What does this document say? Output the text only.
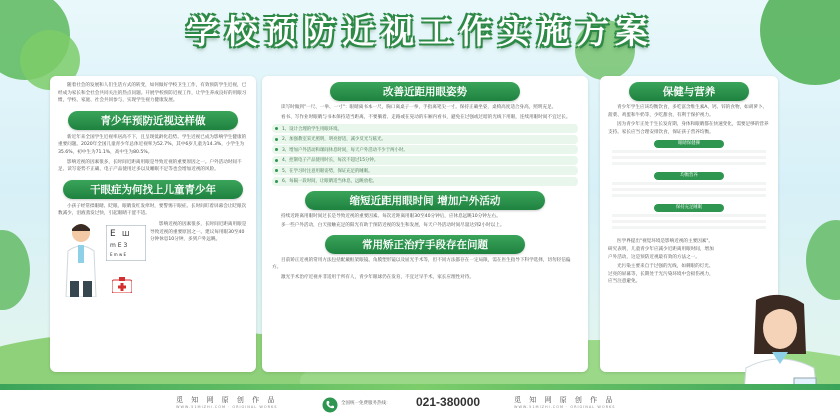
学校预防近视工作实施方案

随着社会的发展和人们生活方式的转变，如何做好学校卫生工作，有效预防学生近视，已经成为家长和全社会共同关注的热点问题。开展学校预防近视工作，让学生养成良好的用眼习惯，学校、家庭、社会共同参与，实现学生视力健康发展。

青少年预防近视这样做

新近年来全国学生近视率居高不下，且呈现低龄化趋势。学生近视已成为影响学生健康的重要问题。2020年全国儿童青少年总体近视率为52.7%，其中6岁儿童为14.3%，小学生为35.6%，初中生为71.1%，高中生为80.5%。

影响近视的因素很多，长时间近距离用眼是导致近视的重要原因之一。户外活动时间不足、读写姿势不正确、电子产品使用过多以及睡眠不足等也会增加近视的风险。

干眼症为何找上儿童青少年

小孩子经常揉眼睛、眨眼、眼睛发红发痒时，要警惕干眼症。长时间盯着屏幕会让眨眼次数减少，泪液蒸发过快，引起眼睛干涩不适。

E Ш
m E 3
E m w E

影响近视的因素很多，长时间近距离用眼是导致近视的重要原因之一。建议每用眼30至40分钟休息10分钟，多到户外远眺。

改善近距用眼姿势

读写时做到"一尺、一拳、一寸"：眼睛离书本一尺，胸口离桌子一拳，手指离笔尖一寸。保持正确坐姿，桌椅高度适合身高，照明充足。

看书、写作业时眼睛与书本保持适当距离，不要躺着、走路或在晃动的车厢内看书，避免在过强或过暗的光线下用眼，连续用眼时间不宜过长。

1、设计合理的学生用眼环境。
2、加强教室采光照明，明亮舒适，减少反光与眩光。
3、增加户外活动和课间休息时间，每天户外活动不少于两小时。
4、控制电子产品使用时长，每次不超过15分钟。
5、在学习时注意用眼姿势，保证充足的睡眠。
6、每隔一段时间，让眼睛适当休息，远眺放松。
缩短近距用眼时间 增加户外活动

持续近距离用眼时间过长是导致近视的重要因素。每次近距离用眼30至40分钟后，应休息远眺10分钟左右。

多一些户外活动，白天接触充足的阳光有助于预防近视的发生和发展，每天户外活动时间尽量达到2小时以上。

常用矫正治疗手段存在问题

目前矫正近视的常用方法包括配戴框架眼镜、角膜塑形镜以及屈光手术等，但不同方法都存在一定局限，需在医生指导下科学选择，切勿轻信偏方。

激光手术治疗近视并非适用于所有人，青少年眼球仍在发育，不宜过早手术，家长应理性对待。

保健与营养

青少年学生应该均衡饮食，多吃富含维生素A、钙、锌的食物，如胡萝卜、菠菜、鸡蛋和牛奶等，少吃甜食，有利于保护视力。

因为青少年正处于生长发育期，身体和眼睛都在快速变化，需要足够的营养支持。家长应当合理安排饮食，保证孩子营养均衡。

眼睛保健操
均衡营养
保持充足睡眠

医学界提出"视觉环境是影响近视的主要因素"。研究表明，儿童青少年应减少近距离用眼时间，增加户外活动，这是预防近视最有效的方法之一。

光污染主要来自于过强的光线，如刺眼的灯光、过亮的屏幕等，长期处于光污染环境中会损伤视力，应当注意避免。

觅 知 网 原 创 作 品
WWW.51MIZHI.COM · ORIGINAL WORKS
全国统一免费服务热线： 021-380000	觅 知 网 原 创 作 品
WWW.51MIZHI.COM · ORIGINAL WORKS
